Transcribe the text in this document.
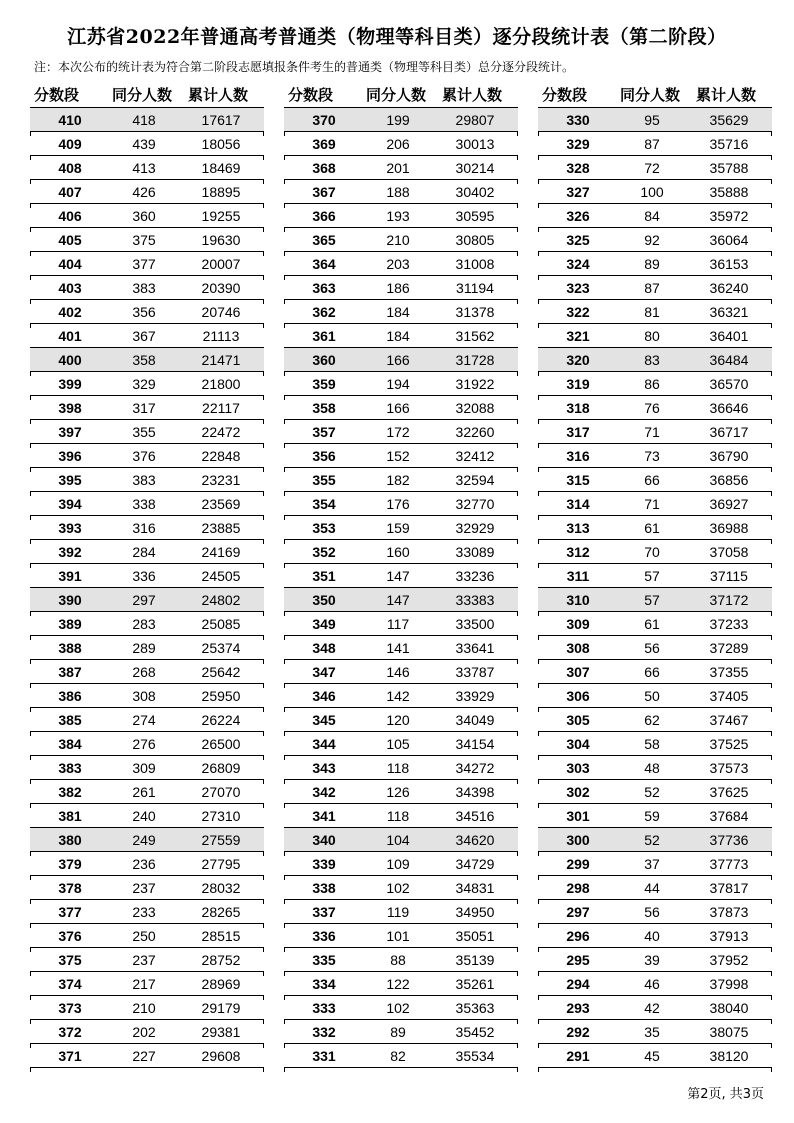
江苏省2022年普通高考普通类（物理等科目类）逐分段统计表（第二阶段）
注：本次公布的统计表为符合第二阶段志愿填报条件考生的普通类（物理等科目类）总分逐分段统计。
分数段 同分人数 累计人数
410	418	17617
409	439	18056
408	413	18469
407	426	18895
406	360	19255
405	375	19630
404	377	20007
403	383	20390
402	356	20746
401	367	21113
400	358	21471
399	329	21800
398	317	22117
397	355	22472
396	376	22848
395	383	23231
394	338	23569
393	316	23885
392	284	24169
391	336	24505
390	297	24802
389	283	25085
388	289	25374
387	268	25642
386	308	25950
385	274	26224
384	276	26500
383	309	26809
382	261	27070
381	240	27310
380	249	27559
379	236	27795
378	237	28032
377	233	28265
376	250	28515
375	237	28752
374	217	28969
373	210	29179
372	202	29381
371	227	29608
分数段 同分人数 累计人数
370	199	29807
369	206	30013
368	201	30214
367	188	30402
366	193	30595
365	210	30805
364	203	31008
363	186	31194
362	184	31378
361	184	31562
360	166	31728
359	194	31922
358	166	32088
357	172	32260
356	152	32412
355	182	32594
354	176	32770
353	159	32929
352	160	33089
351	147	33236
350	147	33383
349	117	33500
348	141	33641
347	146	33787
346	142	33929
345	120	34049
344	105	34154
343	118	34272
342	126	34398
341	118	34516
340	104	34620
339	109	34729
338	102	34831
337	119	34950
336	101	35051
335	88	35139
334	122	35261
333	102	35363
332	89	35452
331	82	35534
分数段 同分人数 累计人数
330	95	35629
329	87	35716
328	72	35788
327	100	35888
326	84	35972
325	92	36064
324	89	36153
323	87	36240
322	81	36321
321	80	36401
320	83	36484
319	86	36570
318	76	36646
317	71	36717
316	73	36790
315	66	36856
314	71	36927
313	61	36988
312	70	37058
311	57	37115
310	57	37172
309	61	37233
308	56	37289
307	66	37355
306	50	37405
305	62	37467
304	58	37525
303	48	37573
302	52	37625
301	59	37684
300	52	37736
299	37	37773
298	44	37817
297	56	37873
296	40	37913
295	39	37952
294	46	37998
293	42	38040
292	35	38075
291	45	38120
第2页, 共3页
